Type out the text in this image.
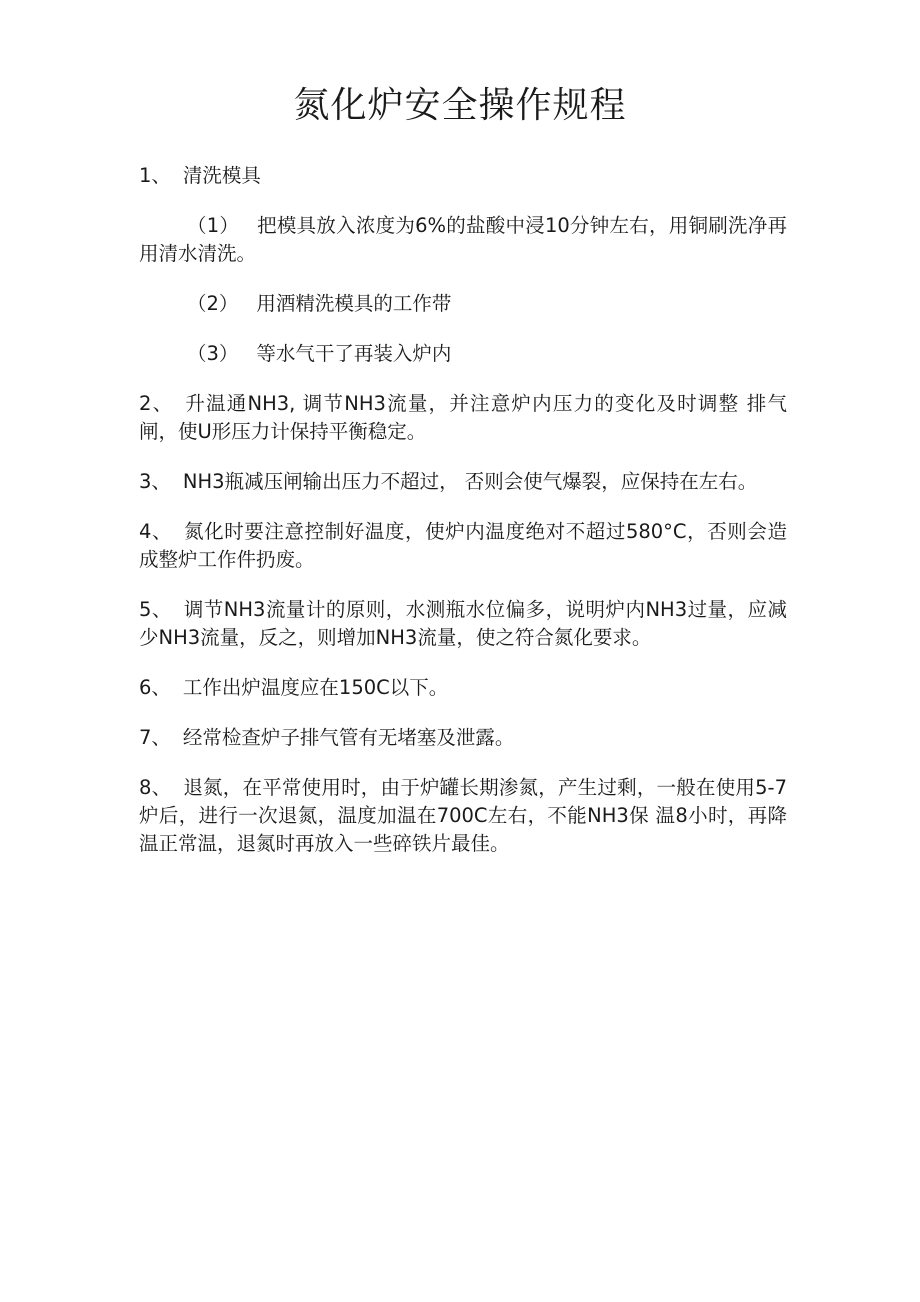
氮化炉安全操作规程

1、 清洗模具

（1） 把模具放入浓度为6%的盐酸中浸10分钟左右，用铜刷洗净再用清水清洗。

（2） 用酒精洗模具的工作带

（3） 等水气干了再装入炉内

2、 升温通NH3, 调节NH3流量，并注意炉内压力的变化及时调整 排气闸，使U形压力计保持平衡稳定。

3、 NH3瓶减压闸输出压力不超过， 否则会使气爆裂，应保持在左右。

4、 氮化时要注意控制好温度，使炉内温度绝对不超过580°C，否则会造成整炉工作件扔废。

5、 调节NH3流量计的原则，水测瓶水位偏多，说明炉内NH3过量，应减少NH3流量，反之，则增加NH3流量，使之符合氮化要求。

6、 工作出炉温度应在150C以下。

7、 经常检查炉子排气管有无堵塞及泄露。

8、 退氮，在平常使用时，由于炉罐长期渗氮，产生过剩，一般在使用5-7炉后，进行一次退氮，温度加温在700C左右，不能NH3保 温8小时，再降温正常温，退氮时再放入一些碎铁片最佳。
